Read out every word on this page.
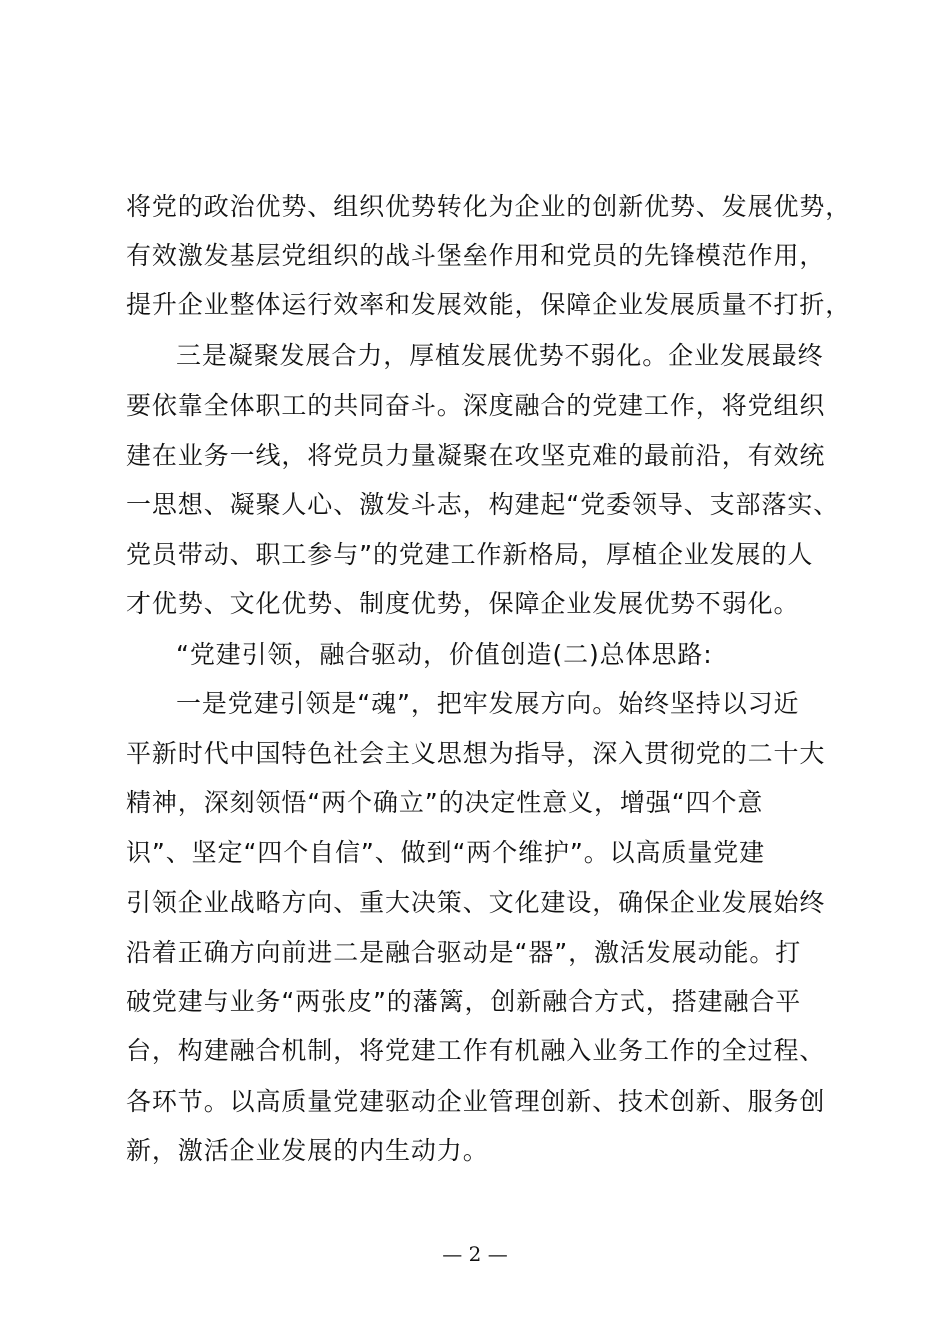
将党的政治优势、组织优势转化为企业的创新优势、发展优势，
有效激发基层党组织的战斗堡垒作用和党员的先锋模范作用，
提升企业整体运行效率和发展效能，保障企业发展质量不打折，
三是凝聚发展合力，厚植发展优势不弱化。企业发展最终
要依靠全体职工的共同奋斗。深度融合的党建工作，将党组织
建在业务一线，将党员力量凝聚在攻坚克难的最前沿，有效统
一思想、凝聚人心、激发斗志，构建起“党委领导、支部落实、
党员带动、职工参与”的党建工作新格局，厚植企业发展的人
才优势、文化优势、制度优势，保障企业发展优势不弱化。
“党建引领，融合驱动，价值创造(二)总体思路:
一是党建引领是“魂”，把牢发展方向。始终坚持以习近
平新时代中国特色社会主义思想为指导，深入贯彻党的二十大
精神，深刻领悟“两个确立”的决定性意义，增强“四个意
识”、坚定“四个自信”、做到“两个维护”。以高质量党建
引领企业战略方向、重大决策、文化建设，确保企业发展始终
沿着正确方向前进二是融合驱动是“器”，激活发展动能。打
破党建与业务“两张皮”的藩篱，创新融合方式，搭建融合平
台，构建融合机制，将党建工作有机融入业务工作的全过程、
各环节。以高质量党建驱动企业管理创新、技术创新、服务创
新，激活企业发展的内生动力。
— 2 —
